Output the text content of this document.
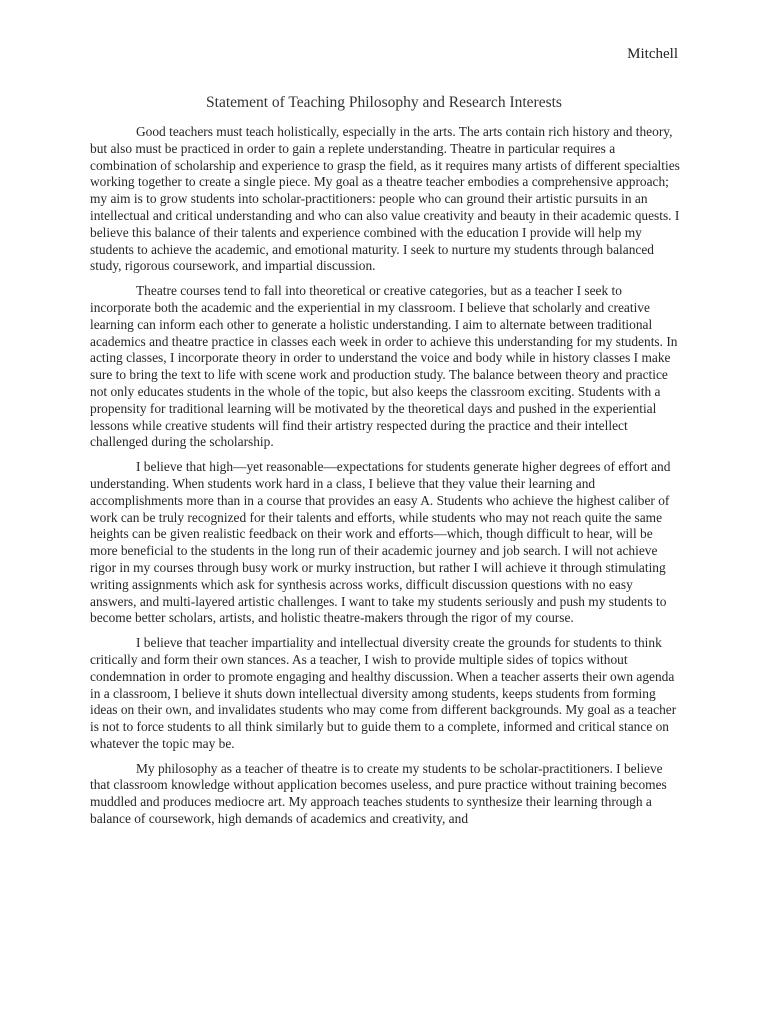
Mitchell
Statement of Teaching Philosophy and Research Interests

Good teachers must teach holistically, especially in the arts. The arts contain rich history and theory, but also must be practiced in order to gain a replete understanding. Theatre in particular requires a combination of scholarship and experience to grasp the field, as it requires many artists of different specialties working together to create a single piece. My goal as a theatre teacher embodies a comprehensive approach; my aim is to grow students into scholar-practitioners: people who can ground their artistic pursuits in an intellectual and critical understanding and who can also value creativity and beauty in their academic quests. I believe this balance of their talents and experience combined with the education I provide will help my students to achieve the academic, and emotional maturity. I seek to nurture my students through balanced study, rigorous coursework, and impartial discussion.

Theatre courses tend to fall into theoretical or creative categories, but as a teacher I seek to incorporate both the academic and the experiential in my classroom. I believe that scholarly and creative learning can inform each other to generate a holistic understanding. I aim to alternate between traditional academics and theatre practice in classes each week in order to achieve this understanding for my students. In acting classes, I incorporate theory in order to understand the voice and body while in history classes I make sure to bring the text to life with scene work and production study. The balance between theory and practice not only educates students in the whole of the topic, but also keeps the classroom exciting. Students with a propensity for traditional learning will be motivated by the theoretical days and pushed in the experiential lessons while creative students will find their artistry respected during the practice and their intellect challenged during the scholarship.

I believe that high—yet reasonable—expectations for students generate higher degrees of effort and understanding. When students work hard in a class, I believe that they value their learning and accomplishments more than in a course that provides an easy A. Students who achieve the highest caliber of work can be truly recognized for their talents and efforts, while students who may not reach quite the same heights can be given realistic feedback on their work and efforts—which, though difficult to hear, will be more beneficial to the students in the long run of their academic journey and job search. I will not achieve rigor in my courses through busy work or murky instruction, but rather I will achieve it through stimulating writing assignments which ask for synthesis across works, difficult discussion questions with no easy answers, and multi-layered artistic challenges. I want to take my students seriously and push my students to become better scholars, artists, and holistic theatre-makers through the rigor of my course.

I believe that teacher impartiality and intellectual diversity create the grounds for students to think critically and form their own stances. As a teacher, I wish to provide multiple sides of topics without condemnation in order to promote engaging and healthy discussion. When a teacher asserts their own agenda in a classroom, I believe it shuts down intellectual diversity among students, keeps students from forming ideas on their own, and invalidates students who may come from different backgrounds. My goal as a teacher is not to force students to all think similarly but to guide them to a complete, informed and critical stance on whatever the topic may be.

My philosophy as a teacher of theatre is to create my students to be scholar-practitioners. I believe that classroom knowledge without application becomes useless, and pure practice without training becomes muddled and produces mediocre art. My approach teaches students to synthesize their learning through a balance of coursework, high demands of academics and creativity, and
